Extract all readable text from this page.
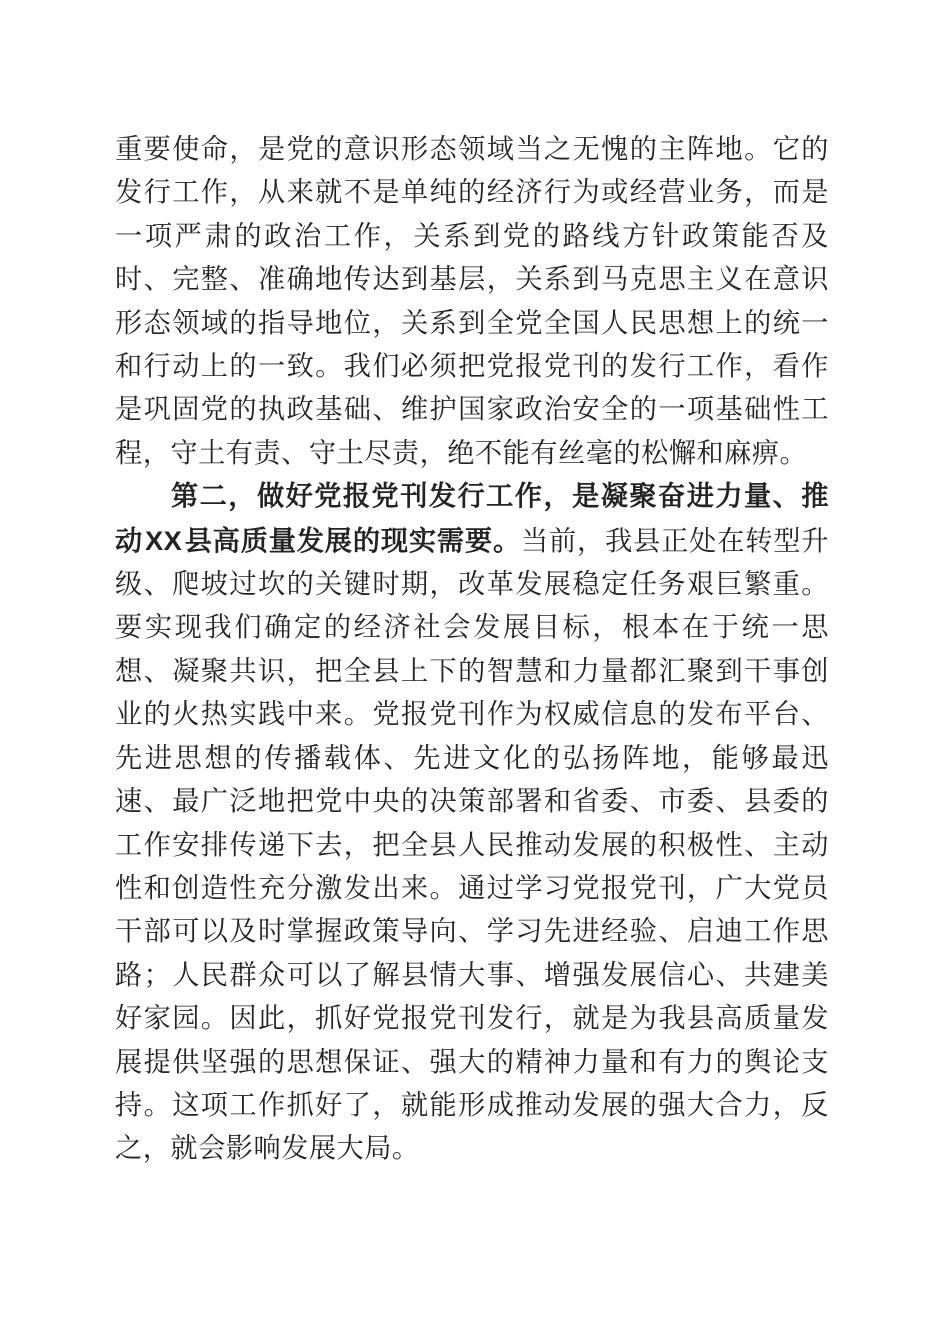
重要使命，是党的意识形态领域当之无愧的主阵地。它的发行工作，从来就不是单纯的经济行为或经营业务，而是一项严肃的政治工作，关系到党的路线方针政策能否及时、完整、准确地传达到基层，关系到马克思主义在意识形态领域的指导地位，关系到全党全国人民思想上的统一和行动上的一致。我们必须把党报党刊的发行工作，看作是巩固党的执政基础、维护国家政治安全的一项基础性工程，守土有责、守土尽责，绝不能有丝毫的松懈和麻痹。

第二，做好党报党刊发行工作，是凝聚奋进力量、推动XX县高质量发展的现实需要。当前，我县正处在转型升级、爬坡过坎的关键时期，改革发展稳定任务艰巨繁重。要实现我们确定的经济社会发展目标，根本在于统一思想、凝聚共识，把全县上下的智慧和力量都汇聚到干事创业的火热实践中来。党报党刊作为权威信息的发布平台、先进思想的传播载体、先进文化的弘扬阵地，能够最迅速、最广泛地把党中央的决策部署和省委、市委、县委的工作安排传递下去，把全县人民推动发展的积极性、主动性和创造性充分激发出来。通过学习党报党刊，广大党员干部可以及时掌握政策导向、学习先进经验、启迪工作思路；人民群众可以了解县情大事、增强发展信心、共建美好家园。因此，抓好党报党刊发行，就是为我县高质量发展提供坚强的思想保证、强大的精神力量和有力的舆论支持。这项工作抓好了，就能形成推动发展的强大合力，反之，就会影响发展大局。
